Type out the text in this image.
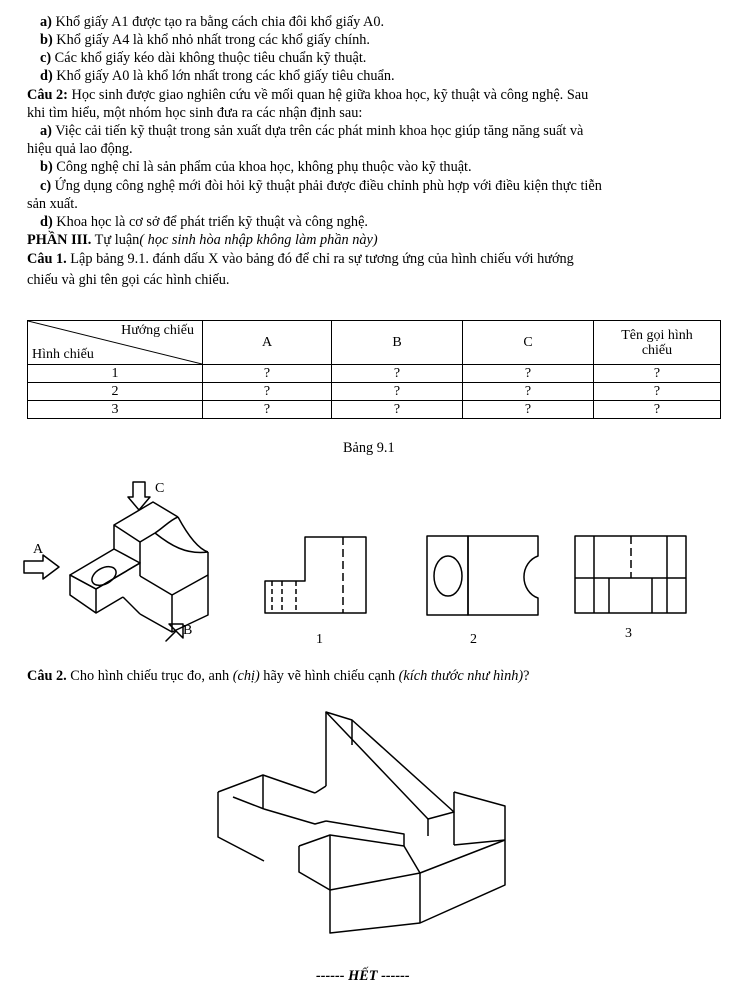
a) Khổ giấy A1 được tạo ra bằng cách chia đôi khổ giấy A0.
b) Khổ giấy A4 là khổ nhỏ nhất trong các khổ giấy chính.
c) Các khổ giấy kéo dài không thuộc tiêu chuẩn kỹ thuật.
d) Khổ giấy A0 là khổ lớn nhất trong các khổ giấy tiêu chuẩn.
Câu 2: Học sinh được giao nghiên cứu về mối quan hệ giữa khoa học, kỹ thuật và công nghệ. Sau
khi tìm hiểu, một nhóm học sinh đưa ra các nhận định sau:
a) Việc cải tiến kỹ thuật trong sản xuất dựa trên các phát minh khoa học giúp tăng năng suất và
hiệu quả lao động.
b) Công nghệ chỉ là sản phẩm của khoa học, không phụ thuộc vào kỹ thuật.
c) Ứng dụng công nghệ mới đòi hỏi kỹ thuật phải được điều chỉnh phù hợp với điều kiện thực tiễn
sản xuất.
d) Khoa học là cơ sở để phát triển kỹ thuật và công nghệ.
PHẦN III. Tự luận( học sinh hòa nhập không làm phần này)
Câu 1. Lập bảng 9.1. đánh dấu X vào bảng đó để chỉ ra sự tương ứng của hình chiếu với hướng
chiếu và ghi tên gọi các hình chiếu.
Hướng chiếu
Hình chiếu	A	B	C	Tên gọi hình
chiếu
1	?	?	?	?
2	?	?	?	?
3	?	?	?	?
Bảng 9.1
C
A
B
1	2	3
Câu 2. Cho hình chiếu trục đo, anh (chị) hãy vẽ hình chiếu cạnh (kích thước như hình)?
------ HẾT ------
